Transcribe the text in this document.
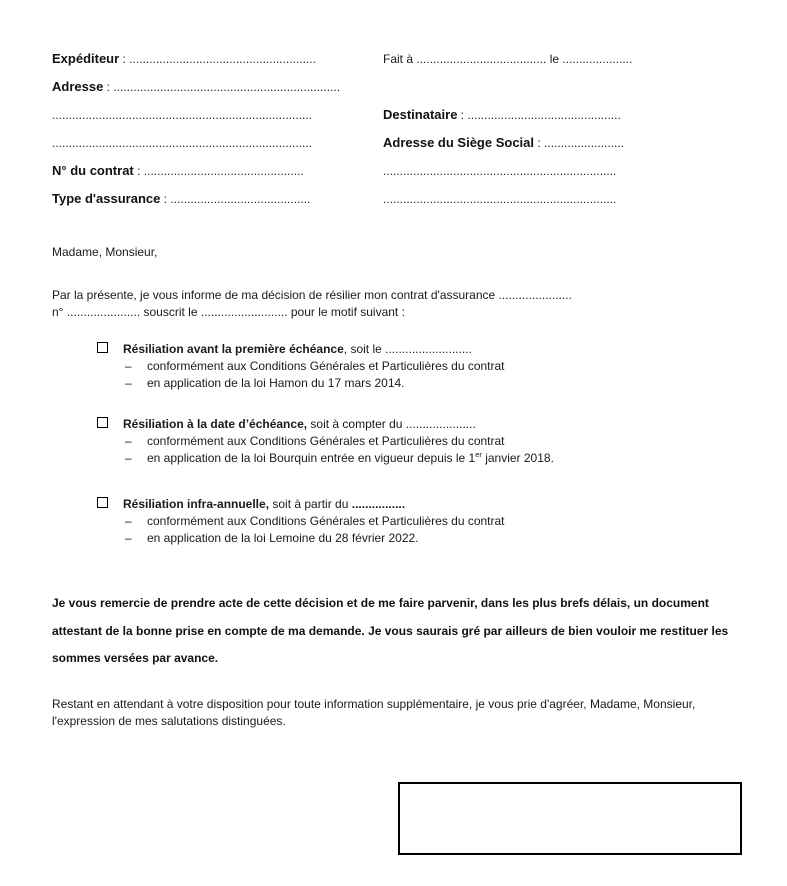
Expéditeur : ........................................................
Adresse : ....................................................................
..............................................................................
..............................................................................
N° du contrat : ................................................
Type d'assurance : ..........................................
Fait à ....................................... le .....................
Destinataire : ..............................................
Adresse du Siège Social : ........................
......................................................................
......................................................................
Madame, Monsieur,
Par la présente, je vous informe de ma décision de résilier mon contrat d'assurance ......................
n° ...................... souscrit le .......................... pour le motif suivant :
Résiliation avant la première échéance, soit le ..........................
– conformément aux Conditions Générales et Particulières du contrat
– en application de la loi Hamon du 17 mars 2014.
Résiliation à la date d’échéance, soit à compter du .....................
– conformément aux Conditions Générales et Particulières du contrat
– en application de la loi Bourquin entrée en vigueur depuis le 1er janvier 2018.
Résiliation infra-annuelle, soit à partir du ................
– conformément aux Conditions Générales et Particulières du contrat
– en application de la loi Lemoine du 28 février 2022.
Je vous remercie de prendre acte de cette décision et de me faire parvenir, dans les plus brefs délais, un document
attestant de la bonne prise en compte de ma demande. Je vous saurais gré par ailleurs de bien vouloir me restituer les
sommes versées par avance.
Restant en attendant à votre disposition pour toute information supplémentaire, je vous prie d'agréer, Madame, Monsieur,
l'expression de mes salutations distinguées.
